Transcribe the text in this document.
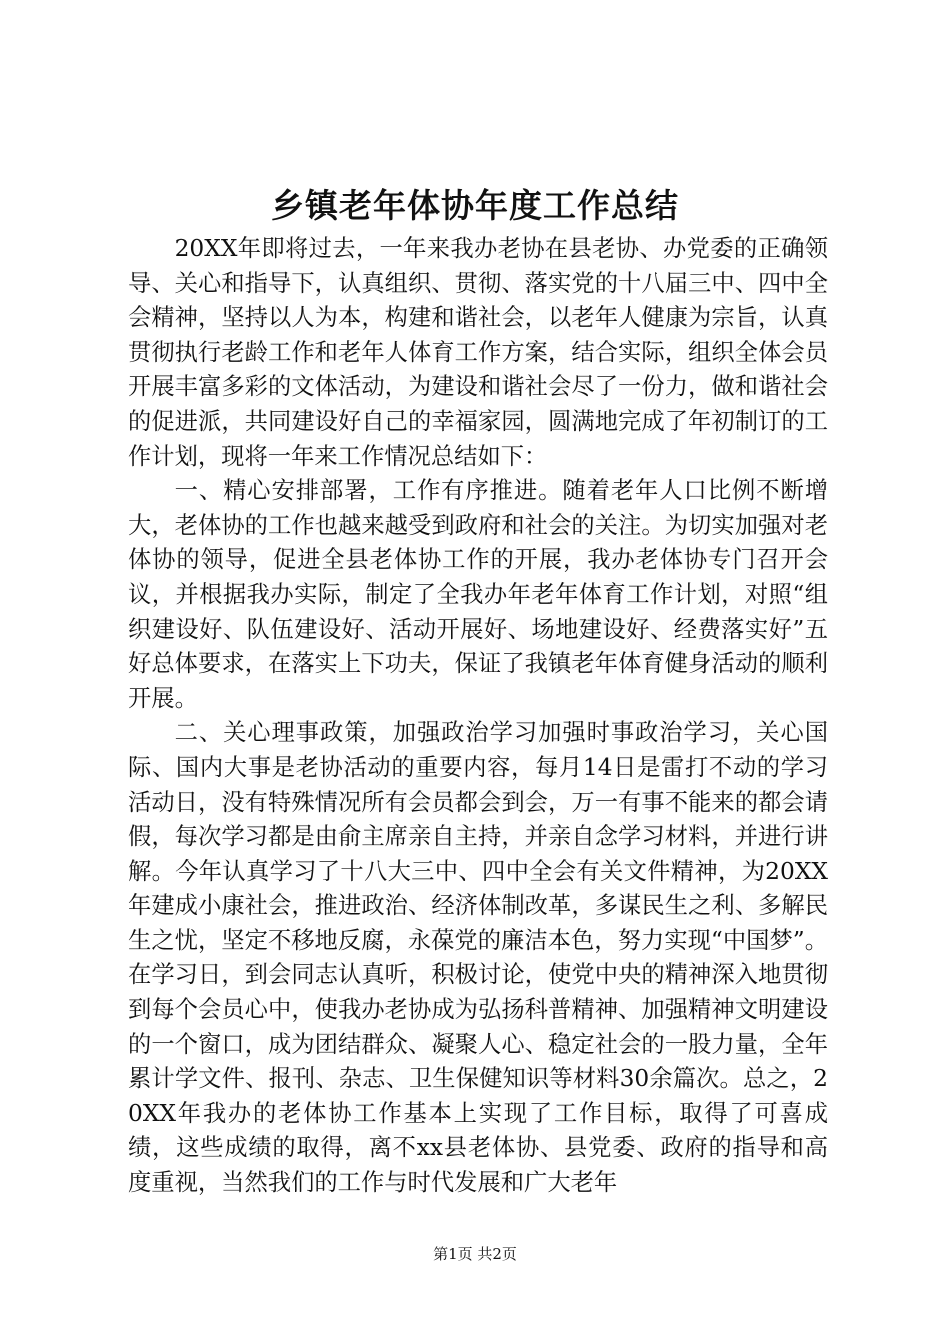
乡镇老年体协年度工作总结

20XX年即将过去，一年来我办老协在县老协、办党委的正确领导、关心和指导下，认真组织、贯彻、落实党的十八届三中、四中全会精神，坚持以人为本，构建和谐社会，以老年人健康为宗旨，认真贯彻执行老龄工作和老年人体育工作方案，结合实际，组织全体会员开展丰富多彩的文体活动，为建设和谐社会尽了一份力，做和谐社会的促进派，共同建设好自己的幸福家园，圆满地完成了年初制订的工作计划，现将一年来工作情况总结如下：

一、精心安排部署，工作有序推进。随着老年人口比例不断增大，老体协的工作也越来越受到政府和社会的关注。为切实加强对老体协的领导，促进全县老体协工作的开展，我办老体协专门召开会议，并根据我办实际，制定了全我办年老年体育工作计划，对照“组织建设好、队伍建设好、活动开展好、场地建设好、经费落实好”五好总体要求，在落实上下功夫，保证了我镇老年体育健身活动的顺利开展。

二、关心理事政策，加强政治学习加强时事政治学习，关心国际、国内大事是老协活动的重要内容，每月14日是雷打不动的学习活动日，没有特殊情况所有会员都会到会，万一有事不能来的都会请假，每次学习都是由俞主席亲自主持，并亲自念学习材料，并进行讲解。今年认真学习了十八大三中、四中全会有关文件精神，为20XX年建成小康社会，推进政治、经济体制改革，多谋民生之利、多解民生之忧，坚定不移地反腐，永葆党的廉洁本色，努力实现“中国梦”。在学习日，到会同志认真听，积极讨论，使党中央的精神深入地贯彻到每个会员心中，使我办老协成为弘扬科普精神、加强精神文明建设的一个窗口，成为团结群众、凝聚人心、稳定社会的一股力量，全年累计学文件、报刊、杂志、卫生保健知识等材料30余篇次。总之，20XX年我办的老体协工作基本上实现了工作目标，取得了可喜成绩，这些成绩的取得，离不xx县老体协、县党委、政府的指导和高度重视，当然我们的工作与时代发展和广大老年

第1页 共2页
